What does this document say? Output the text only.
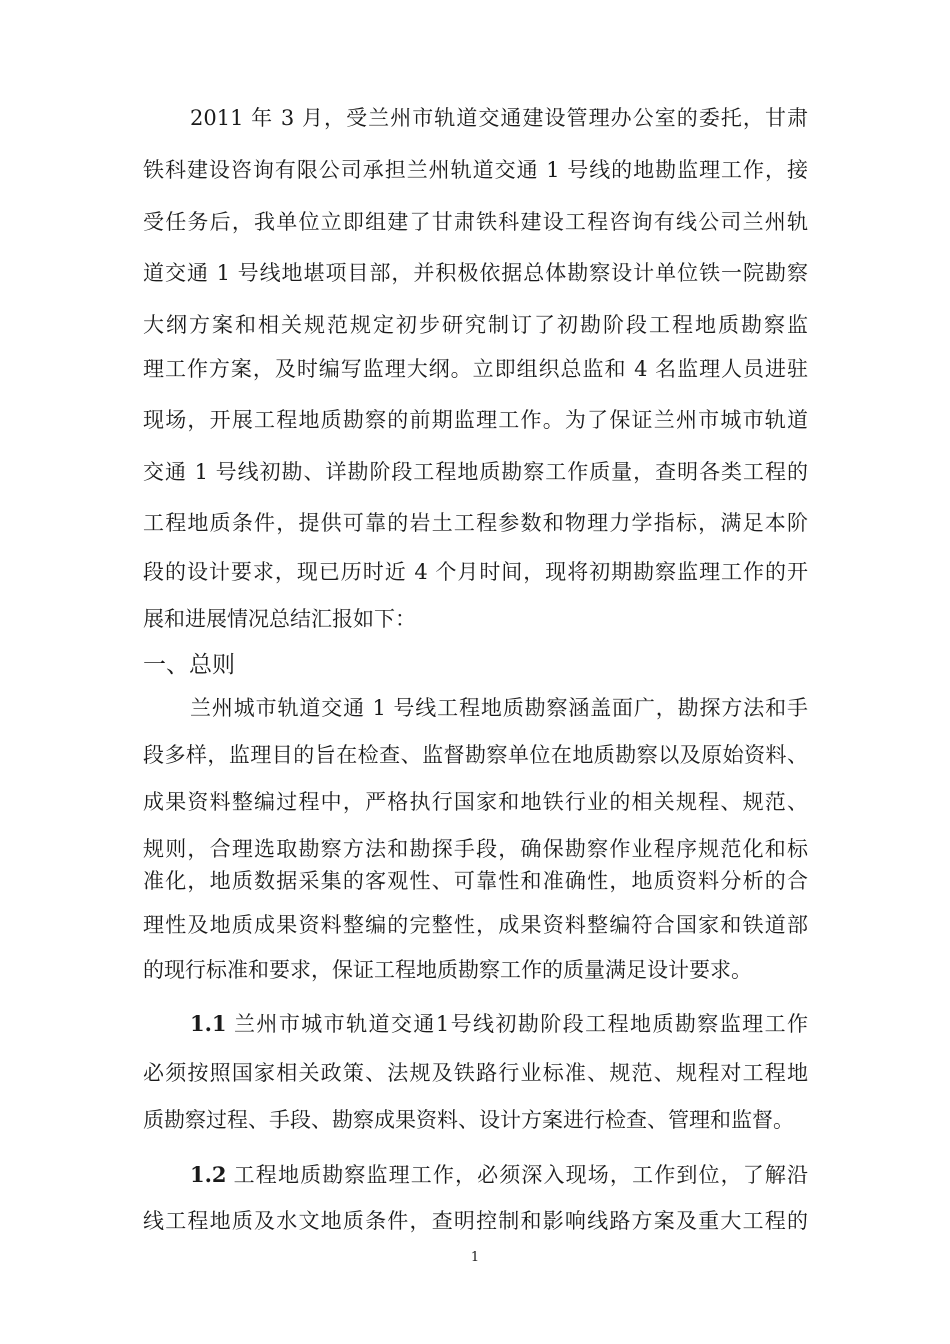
2011 年 3 月，受兰州市轨道交通建设管理办公室的委托，甘肃
铁科建设咨询有限公司承担兰州轨道交通 1 号线的地勘监理工作，接
受任务后，我单位立即组建了甘肃铁科建设工程咨询有线公司兰州轨
道交通 1 号线地堪项目部，并积极依据总体勘察设计单位铁一院勘察
大纲方案和相关规范规定初步研究制订了初勘阶段工程地质勘察监
理工作方案，及时编写监理大纲。立即组织总监和 4 名监理人员进驻
现场，开展工程地质勘察的前期监理工作。为了保证兰州市城市轨道
交通 1 号线初勘、详勘阶段工程地质勘察工作质量，查明各类工程的
工程地质条件，提供可靠的岩土工程参数和物理力学指标，满足本阶
段的设计要求，现已历时近 4 个月时间，现将初期勘察监理工作的开
展和进展情况总结汇报如下：
一、总则
兰州城市轨道交通 1 号线工程地质勘察涵盖面广，勘探方法和手
段多样，监理目的旨在检查、监督勘察单位在地质勘察以及原始资料、
成果资料整编过程中，严格执行国家和地铁行业的相关规程、规范、
规则，合理选取勘察方法和勘探手段，确保勘察作业程序规范化和标
准化，地质数据采集的客观性、可靠性和准确性，地质资料分析的合
理性及地质成果资料整编的完整性，成果资料整编符合国家和铁道部
的现行标准和要求，保证工程地质勘察工作的质量满足设计要求。
1.1 兰州市城市轨道交通1号线初勘阶段工程地质勘察监理工作
必须按照国家相关政策、法规及铁路行业标准、规范、规程对工程地
质勘察过程、手段、勘察成果资料、设计方案进行检查、管理和监督。
1.2 工程地质勘察监理工作，必须深入现场，工作到位，了解沿
线工程地质及水文地质条件，查明控制和影响线路方案及重大工程的
1
